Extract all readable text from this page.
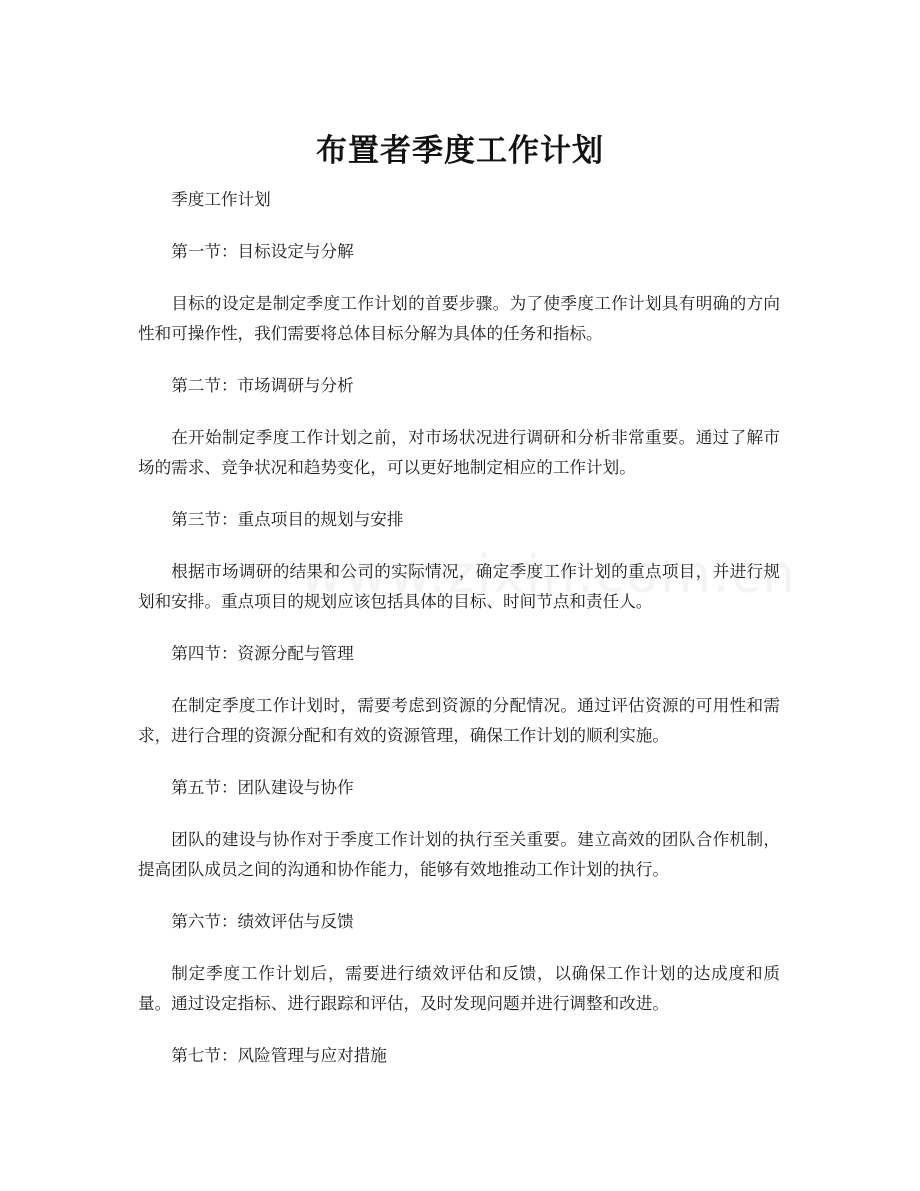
布置者季度工作计划

季度工作计划

第一节：目标设定与分解

目标的设定是制定季度工作计划的首要步骤。为了使季度工作计划具有明确的方向性和可操作性，我们需要将总体目标分解为具体的任务和指标。

第二节：市场调研与分析

在开始制定季度工作计划之前，对市场状况进行调研和分析非常重要。通过了解市场的需求、竞争状况和趋势变化，可以更好地制定相应的工作计划。

第三节：重点项目的规划与安排

根据市场调研的结果和公司的实际情况，确定季度工作计划的重点项目，并进行规划和安排。重点项目的规划应该包括具体的目标、时间节点和责任人。

第四节：资源分配与管理

在制定季度工作计划时，需要考虑到资源的分配情况。通过评估资源的可用性和需求，进行合理的资源分配和有效的资源管理，确保工作计划的顺利实施。

第五节：团队建设与协作

团队的建设与协作对于季度工作计划的执行至关重要。建立高效的团队合作机制，提高团队成员之间的沟通和协作能力，能够有效地推动工作计划的执行。

第六节：绩效评估与反馈

制定季度工作计划后，需要进行绩效评估和反馈，以确保工作计划的达成度和质量。通过设定指标、进行跟踪和评估，及时发现问题并进行调整和改进。

第七节：风险管理与应对措施
